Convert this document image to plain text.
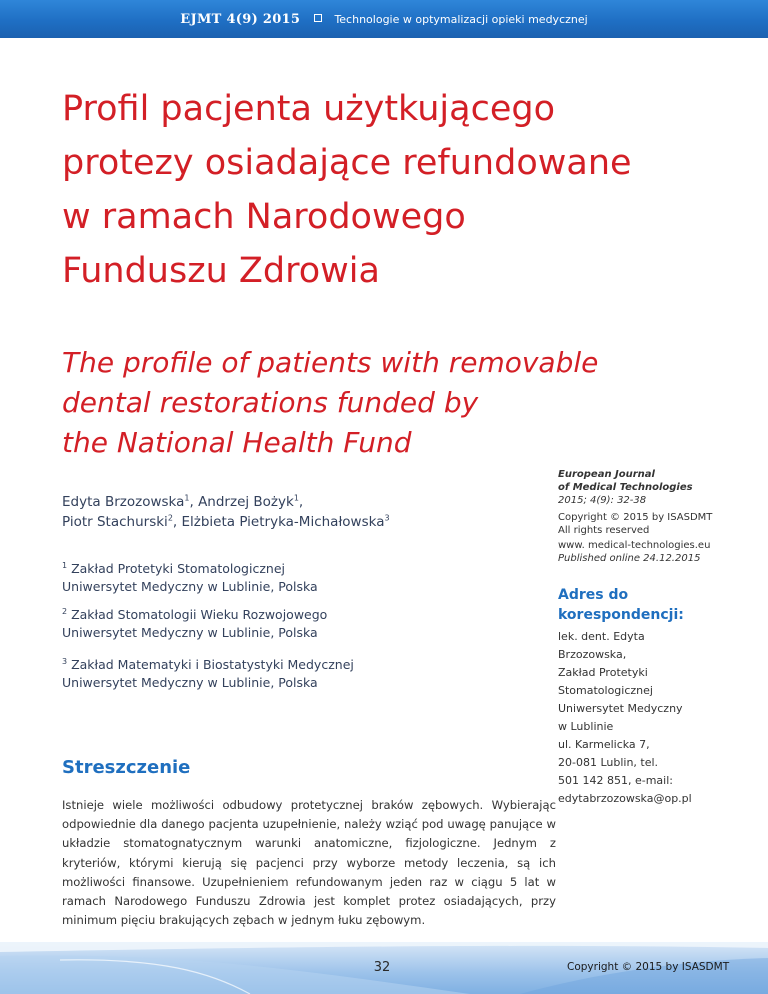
EJMT 4(9) 2015	Technologie w optymalizacji opieki medycznej
Profil pacjenta użytkującego
protezy osiadające refundowane
w ramach Narodowego
Funduszu Zdrowia
The profile of patients with removable
dental restorations funded by
the National Health Fund
Edyta Brzozowska$^1$, Andrzej Bożyk$^1$,
Piotr Stachurski$^2$, Elżbieta Pietryka-Michałowska$^3$
$^1$ Zakład Protetyki Stomatologicznej
Uniwersytet Medyczny w Lublinie, Polska
$^2$ Zakład Stomatologii Wieku Rozwojowego
Uniwersytet Medyczny w Lublinie, Polska
$^3$ Zakład Matematyki i Biostatystyki Medycznej
Uniwersytet Medyczny w Lublinie, Polska
European Journal
of Medical Technologies
2015; 4(9): 32-38
Copyright © 2015 by ISASDMT
All rights reserved
www. medical-technologies.eu
Published online 24.12.2015
Adres do korespondencji:
lek. dent. Edyta
Brzozowska,
Zakład Protetyki
Stomatologicznej
Uniwersytet Medyczny
w Lublinie
ul. Karmelicka 7,
20-081 Lublin, tel.
501 142 851, e-mail:
edytabrzozowska@op.pl
Streszczenie

Istnieje wiele możliwości odbudowy protetycznej braków zębowych. Wybierając odpowiednie dla danego pacjenta uzupełnienie, należy wziąć pod uwagę panujące w układzie stomatognatycznym warunki anatomiczne, fizjologiczne. Jednym z kryteriów, którymi kierują się pacjenci przy wyborze metody leczenia, są ich możliwości finansowe. Uzupełnieniem refundowanym jeden raz w ciągu 5 lat w ramach Narodowego Funduszu Zdrowia jest komplet protez osiadających, przy minimum pięciu brakujących zębach w jednym łuku zębowym.

32	Copyright © 2015 by ISASDMT
